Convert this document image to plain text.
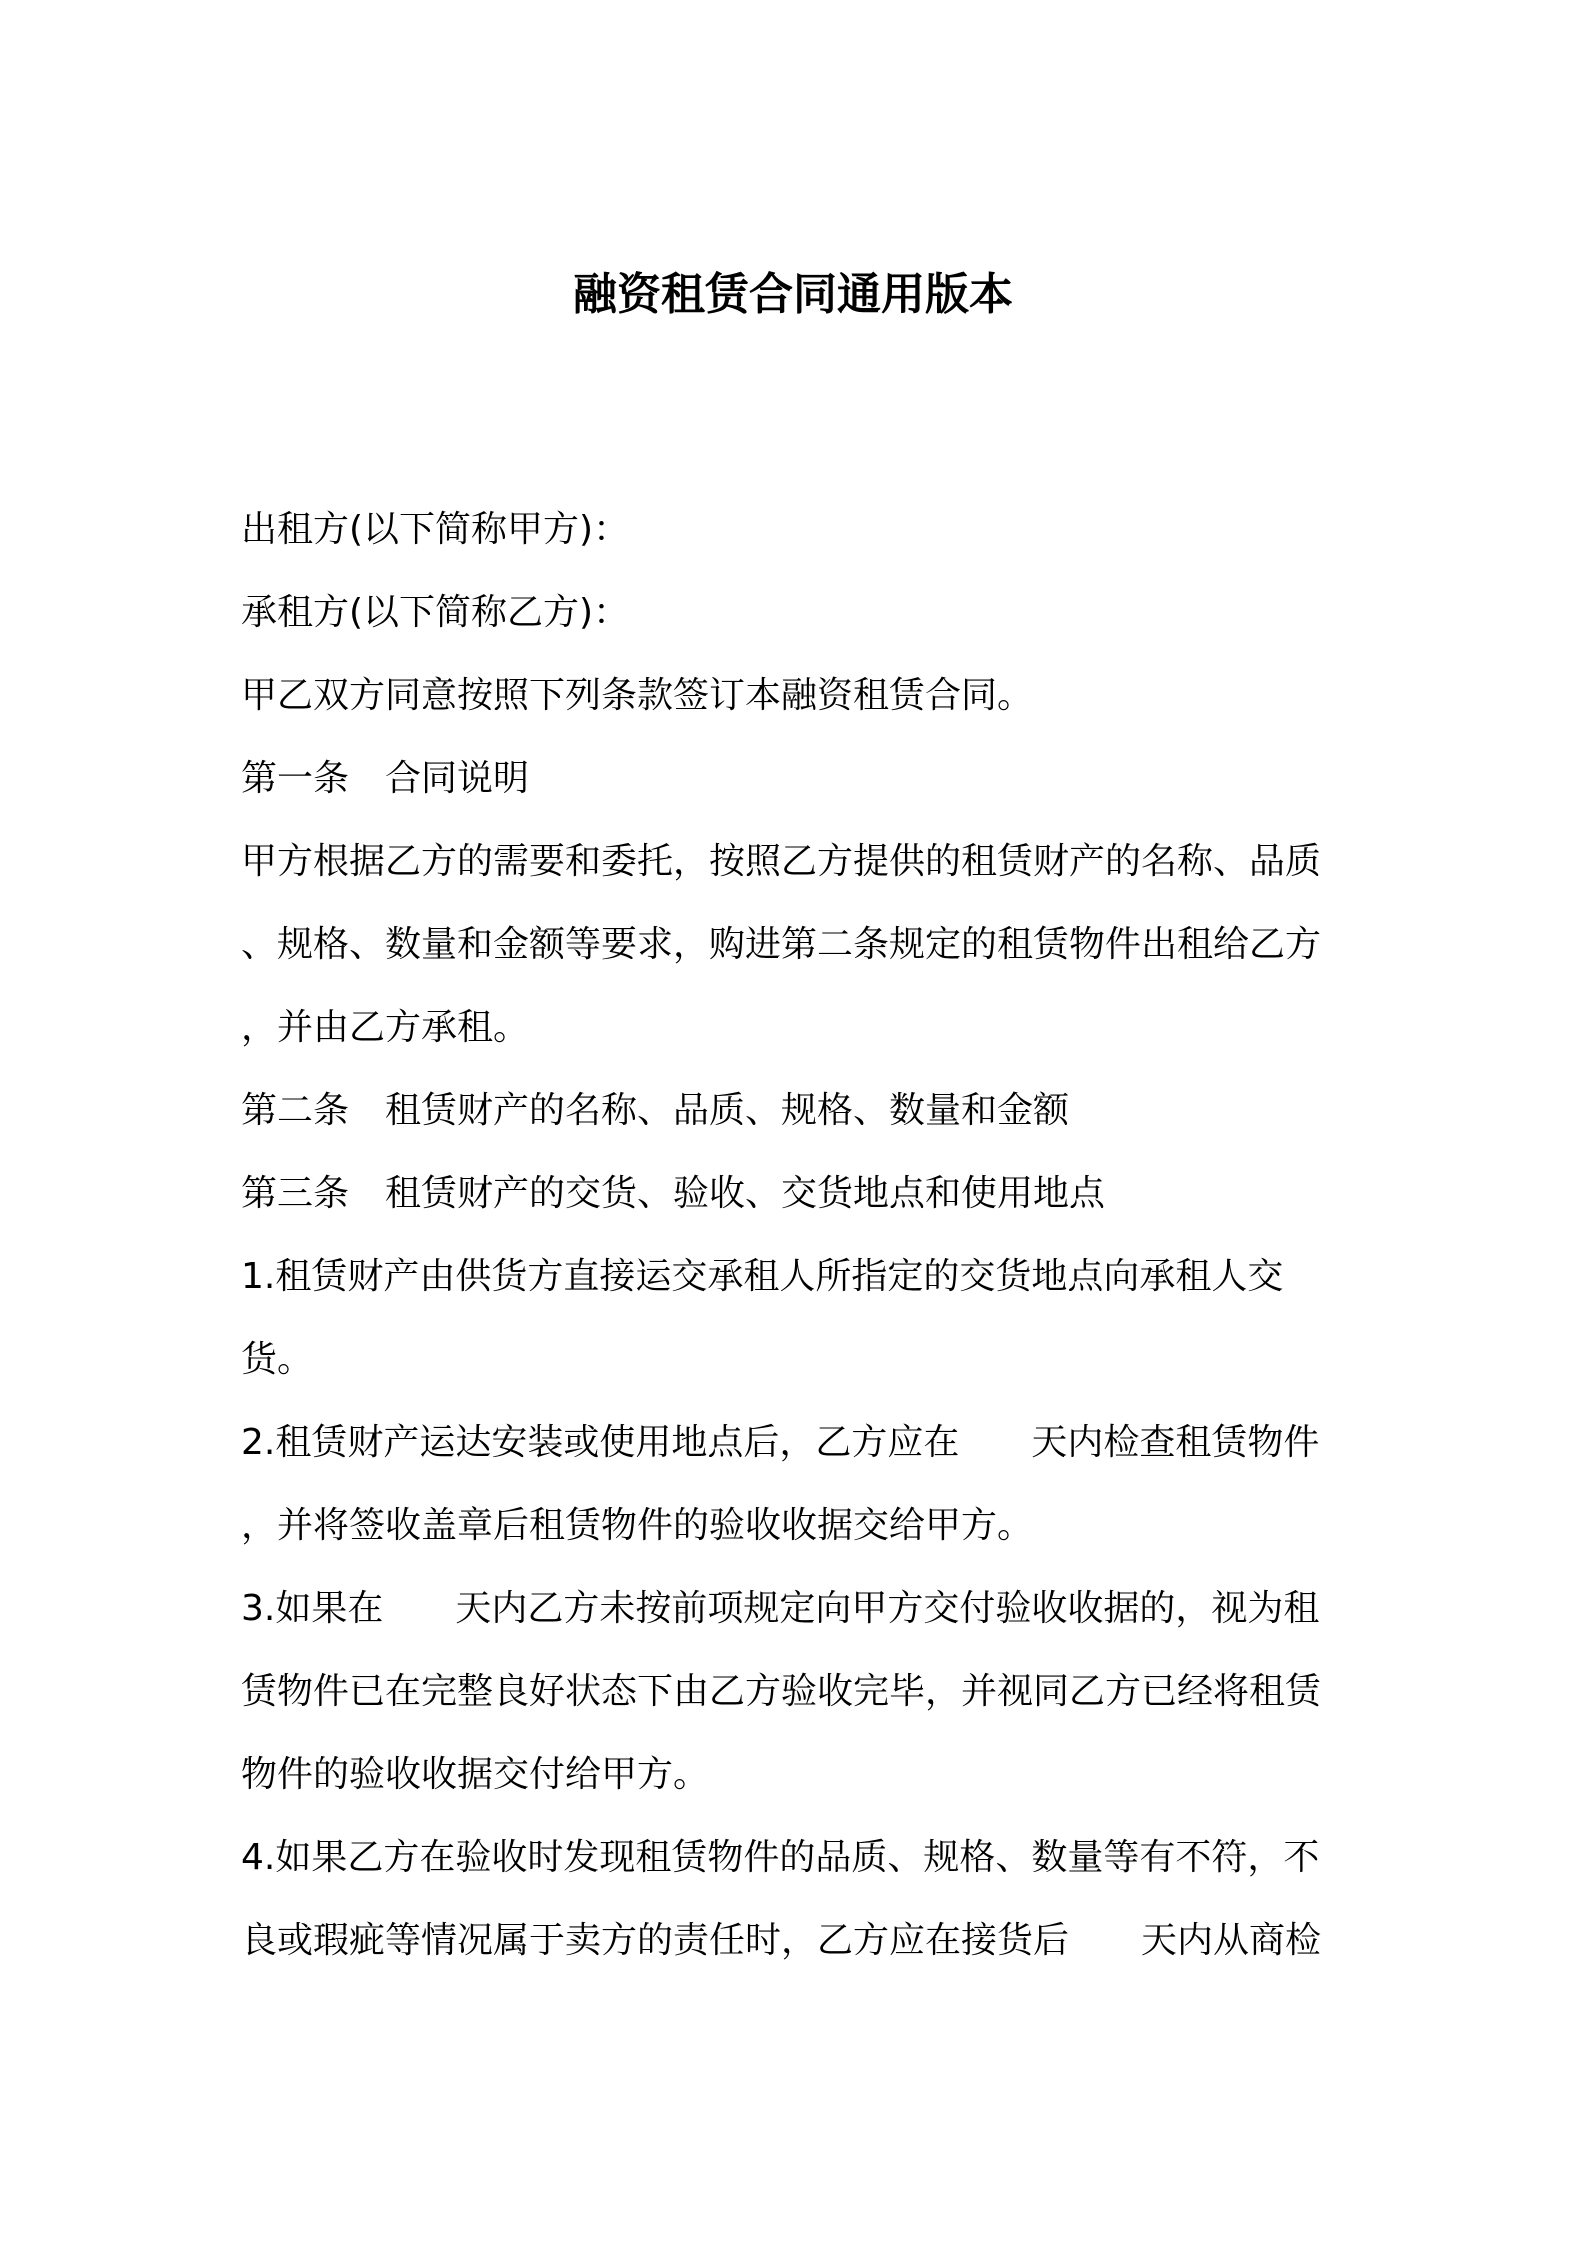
融资租赁合同通用版本
出租方(以下简称甲方)：
承租方(以下简称乙方)：
甲乙双方同意按照下列条款签订本融资租赁合同。
第一条 合同说明
甲方根据乙方的需要和委托，按照乙方提供的租赁财产的名称、品质
、规格、数量和金额等要求，购进第二条规定的租赁物件出租给乙方
，并由乙方承租。
第二条 租赁财产的名称、品质、规格、数量和金额
第三条 租赁财产的交货、验收、交货地点和使用地点
1.租赁财产由供货方直接运交承租人所指定的交货地点向承租人交
货。
2.租赁财产运达安装或使用地点后，乙方应在 天内检查租赁物件
，并将签收盖章后租赁物件的验收收据交给甲方。
3.如果在 天内乙方未按前项规定向甲方交付验收收据的，视为租
赁物件已在完整良好状态下由乙方验收完毕，并视同乙方已经将租赁
物件的验收收据交付给甲方。
4.如果乙方在验收时发现租赁物件的品质、规格、数量等有不符，不
良或瑕疵等情况属于卖方的责任时，乙方应在接货后 天内从商检
